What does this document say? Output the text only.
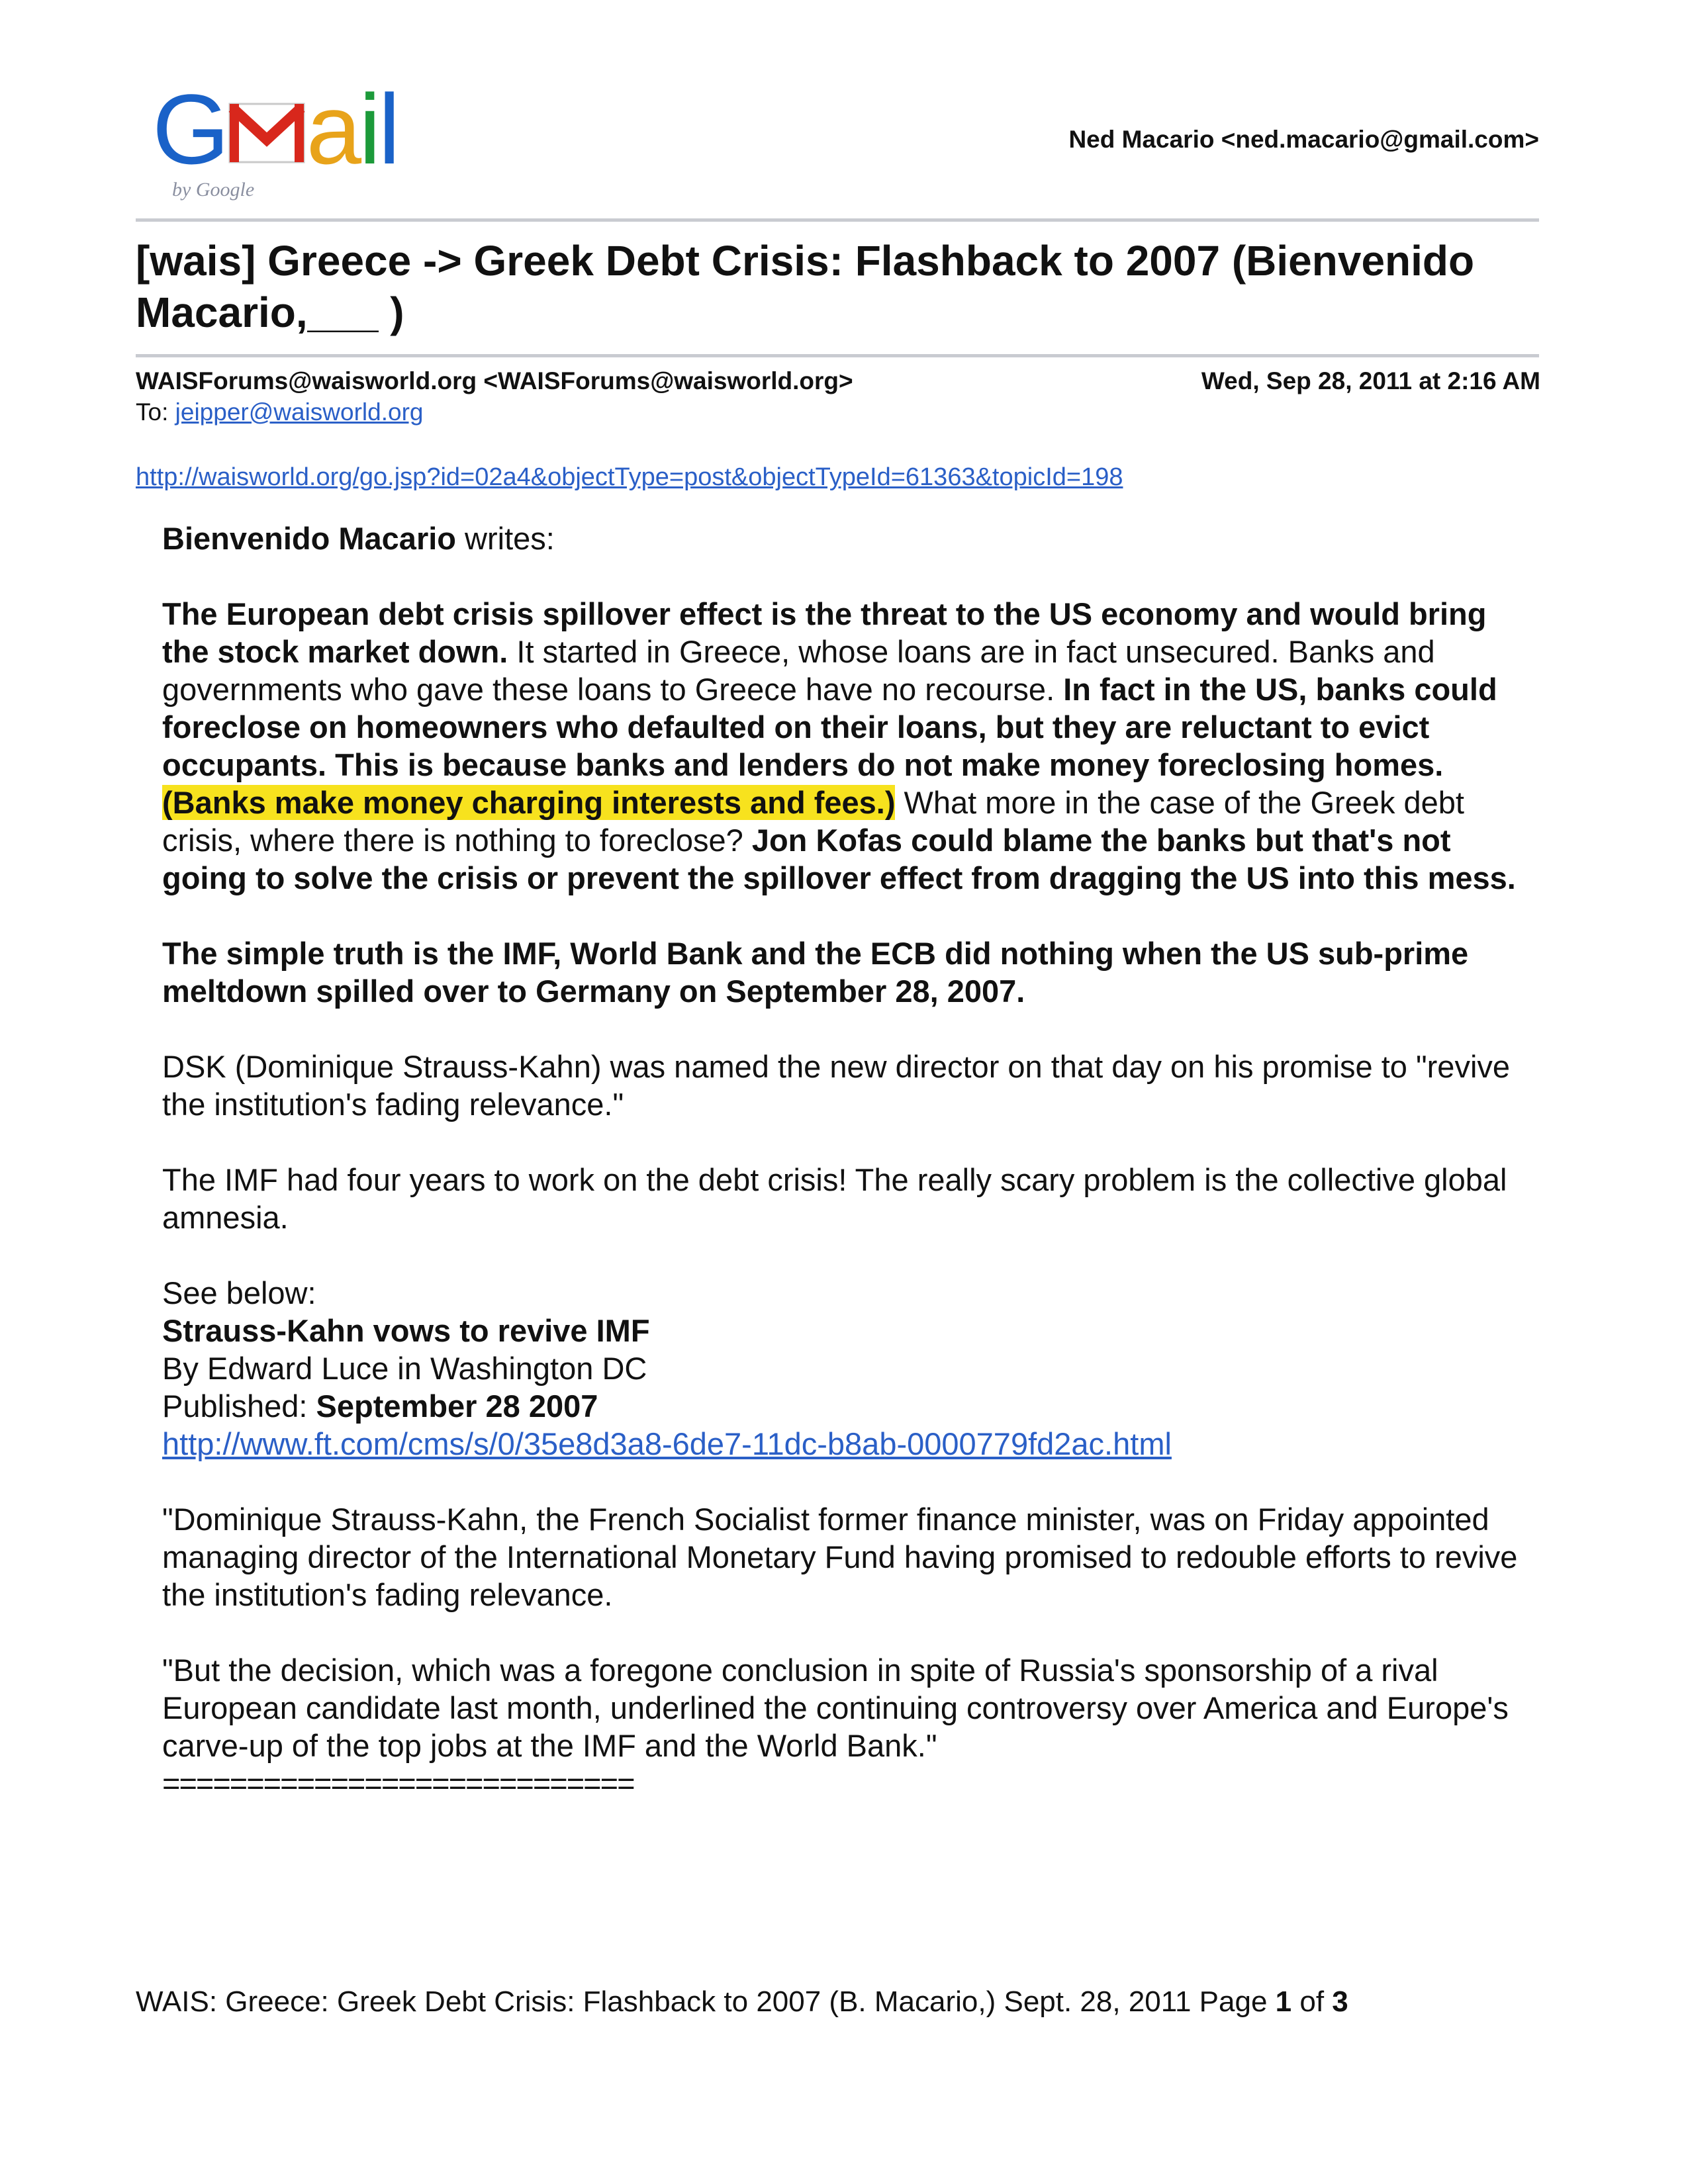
G ail
by Google
Ned Macario <ned.macario@gmail.com>
[wais] Greece -> Greek Debt Crisis: Flashback to 2007 (Bienvenido Macario,___ )
WAISForums@waisworld.org <WAISForums@waisworld.org>	Wed, Sep 28, 2011 at 2:16 AM
To: jeipper@waisworld.org
http://waisworld.org/go.jsp?id=02a4&objectType=post&objectTypeId=61363&topicId=198

Bienvenido Macario writes:

The European debt crisis spillover effect is the threat to the US economy and would bring the stock market down. It started in Greece, whose loans are in fact unsecured. Banks and governments who gave these loans to Greece have no recourse. In fact in the US, banks could foreclose on homeowners who defaulted on their loans, but they are reluctant to evict occupants. This is because banks and lenders do not make money foreclosing homes. (Banks make money charging interests and fees.) What more in the case of the Greek debt crisis, where there is nothing to foreclose? Jon Kofas could blame the banks but that's not going to solve the crisis or prevent the spillover effect from dragging the US into this mess.

The simple truth is the IMF, World Bank and the ECB did nothing when the US sub-prime meltdown spilled over to Germany on September 28, 2007.

DSK (Dominique Strauss-Kahn) was named the new director on that day on his promise to "revive the institution's fading relevance."

The IMF had four years to work on the debt crisis! The really scary problem is the collective global amnesia.

See below:

Strauss-Kahn vows to revive IMF

By Edward Luce in Washington DC

Published: September 28 2007

http://www.ft.com/cms/s/0/35e8d3a8-6de7-11dc-b8ab-0000779fd2ac.html

"Dominique Strauss-Kahn, the French Socialist former finance minister, was on Friday appointed managing director of the International Monetary Fund having promised to redouble efforts to revive the institution's fading relevance.

"But the decision, which was a foregone conclusion in spite of Russia's sponsorship of a rival European candidate last month, underlined the continuing controversy over America and Europe's carve-up of the top jobs at the IMF and the World Bank."

============================

WAIS: Greece: Greek Debt Crisis: Flashback to 2007 (B. Macario,) Sept. 28, 2011 Page 1 of 3
